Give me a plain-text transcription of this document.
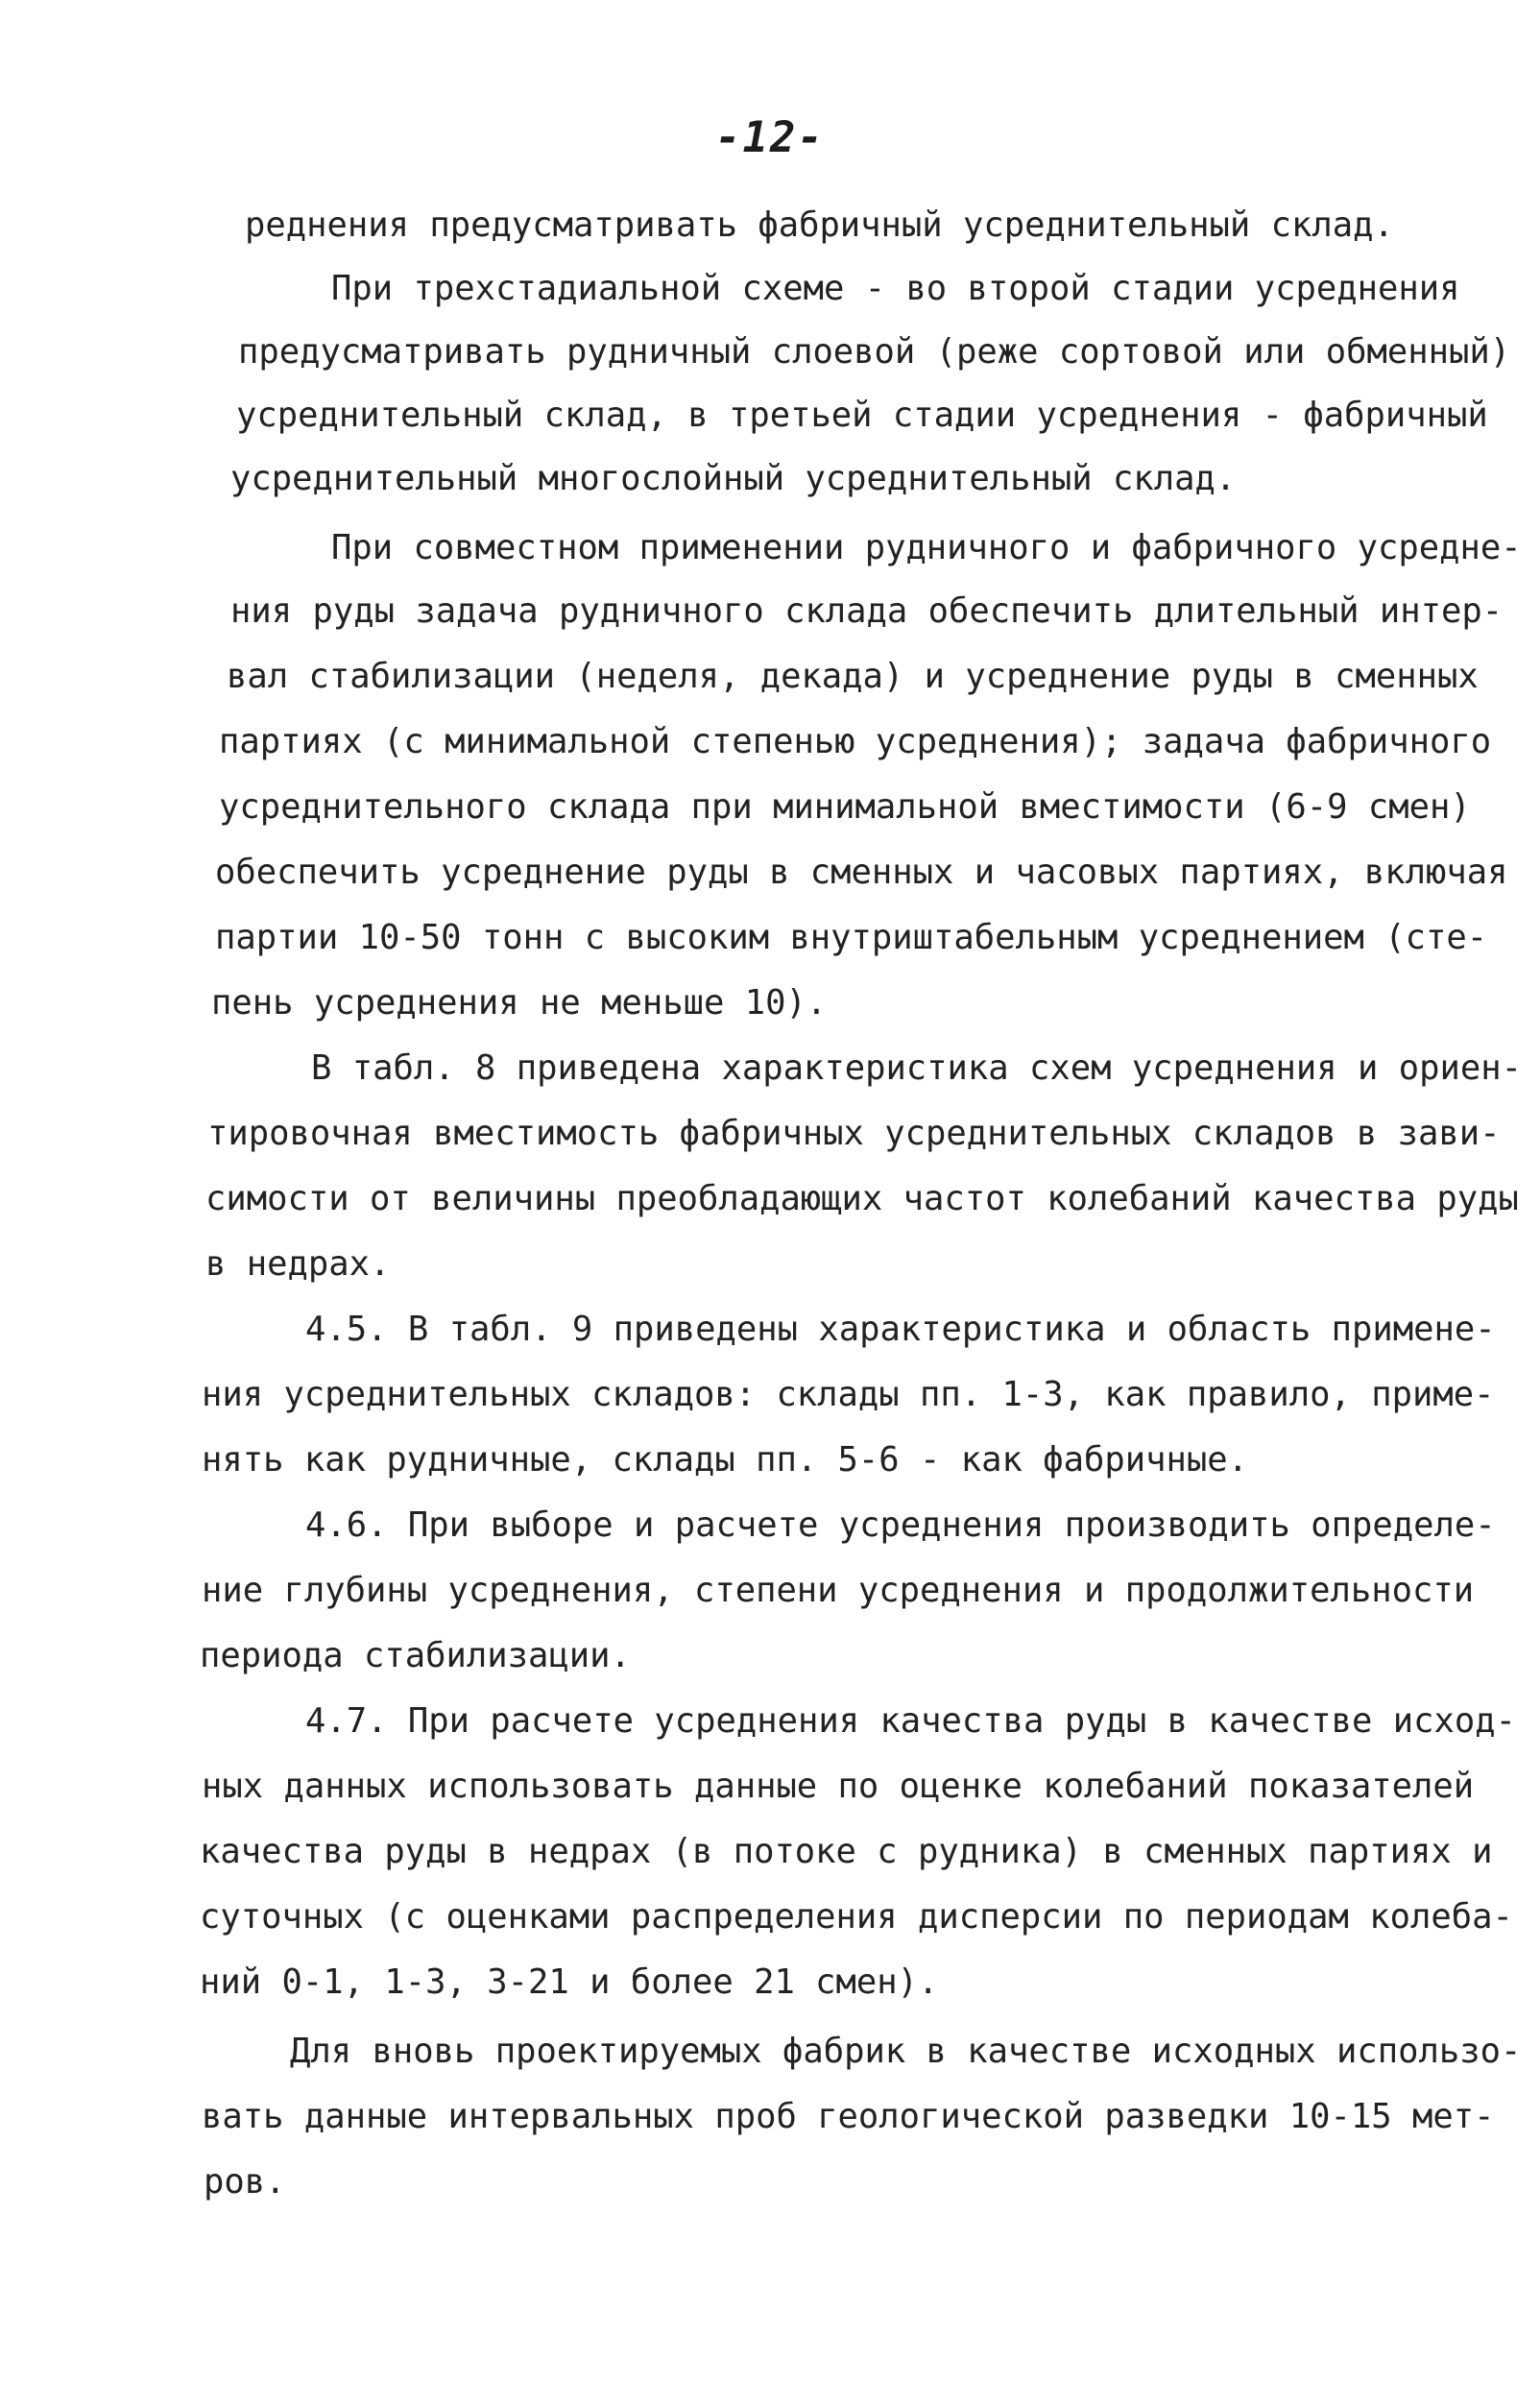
-12-
реднения предусматривать фабричный усреднительный склад.
При трехстадиальной схеме - во второй стадии усреднения
предусматривать рудничный слоевой (реже сортовой или обменный)
усреднительный склад, в третьей стадии усреднения - фабричный
усреднительный многослойный усреднительный склад.
При совместном применении рудничного и фабричного усредне-
ния руды задача рудничного склада обеспечить длительный интер-
вал стабилизации (неделя, декада) и усреднение руды в сменных
партиях (с минимальной степенью усреднения); задача фабричного
усреднительного склада при минимальной вместимости (6-9 смен)
обеспечить усреднение руды в сменных и часовых партиях, включая
партии 10-50 тонн с высоким внутриштабельным усреднением (сте-
пень усреднения не меньше 10).
В табл. 8 приведена характеристика схем усреднения и ориен-
тировочная вместимость фабричных усреднительных складов в зави-
симости от величины преобладающих частот колебаний качества руды
в недрах.
4.5. В табл. 9 приведены характеристика и область примене-
ния усреднительных складов: склады пп. 1-3, как правило, приме-
нять как рудничные, склады пп. 5-6 - как фабричные.
4.6. При выборе и расчете усреднения производить определе-
ние глубины усреднения, степени усреднения и продолжительности
периода стабилизации.
4.7. При расчете усреднения качества руды в качестве исход-
ных данных использовать данные по оценке колебаний показателей
качества руды в недрах (в потоке с рудника) в сменных партиях и
суточных (с оценками распределения дисперсии по периодам колеба-
ний 0-1, 1-3, 3-21 и более 21 смен).
Для вновь проектируемых фабрик в качестве исходных использо-
вать данные интервальных проб геологической разведки 10-15 мет-
ров.
